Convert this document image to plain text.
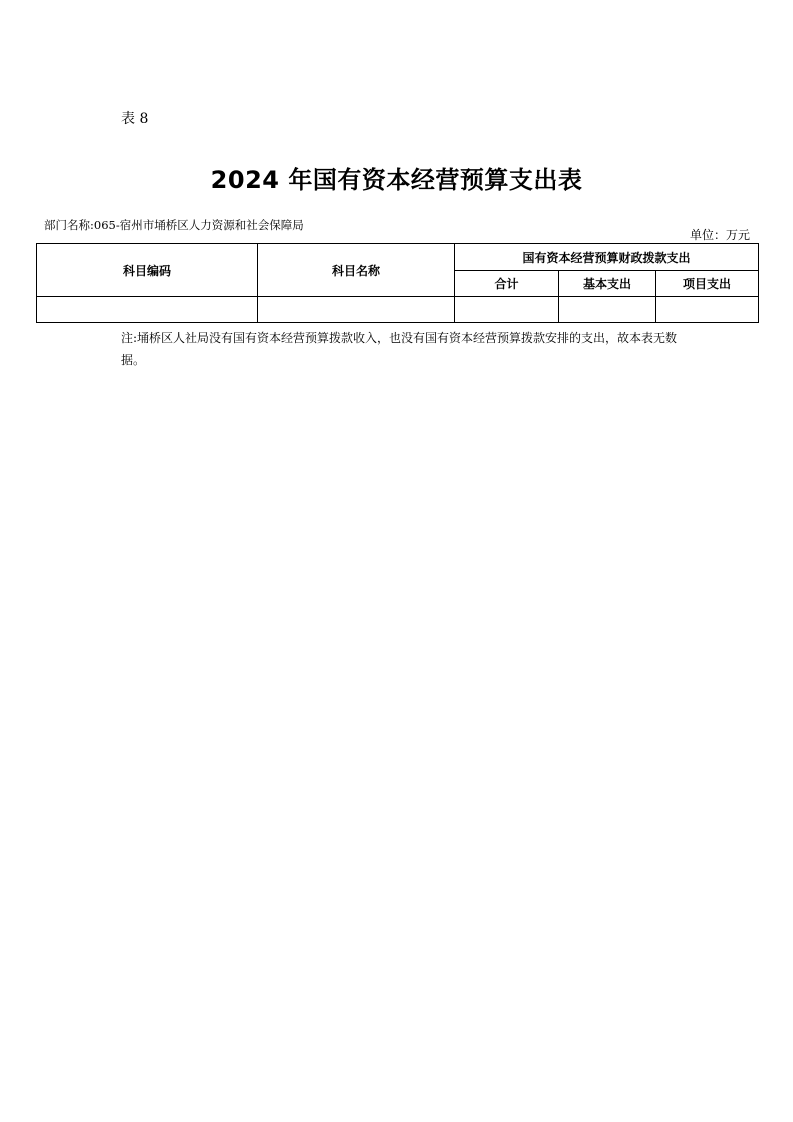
表 8
2024 年国有资本经营预算支出表
部门名称:065-宿州市埇桥区人力资源和社会保障局
单位：万元
科目编码	科目名称	国有资本经营预算财政拨款支出		
		合计	基本支出	项目支出

注:埇桥区人社局没有国有资本经营预算拨款收入，也没有国有资本经营预算拨款安排的支出，故本表无数据。
